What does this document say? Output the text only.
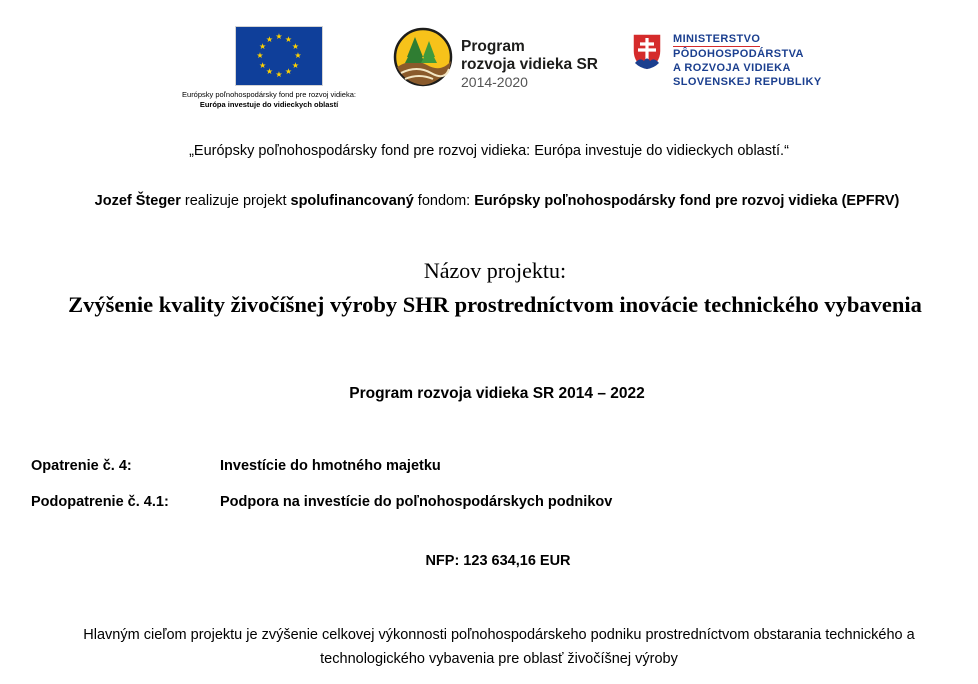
★ ★
★
★
★
★
★
★
★
★
★
★
Európsky poľnohospodársky fond pre rozvoj vidieka:
Európa investuje do vidieckych oblastí
Program
rozvoja vidieka SR
2014-2020
MINISTERSTVO
PÔDOHOSPODÁRSTVA
A ROZVOJA VIDIEKA
SLOVENSKEJ REPUBLIKY
„Európsky poľnohospodársky fond pre rozvoj vidieka: Európa investuje do vidieckych oblastí.“
Jozef Šteger realizuje projekt spolufinancovaný fondom: Európsky poľnohospodársky fond pre rozvoj vidieka (EPFRV)
Názov projektu:
Zvýšenie kvality živočíšnej výroby SHR prostredníctvom inovácie technického vybavenia
Program rozvoja vidieka SR 2014 – 2022
Opatrenie č. 4:	Investície do hmotného majetku
Podopatrenie č. 4.1:	Podpora na investície do poľnohospodárskych podnikov
NFP: 123 634,16 EUR
Hlavným cieľom projektu je zvýšenie celkovej výkonnosti poľnohospodárskeho podniku prostredníctvom obstarania technického a technologického vybavenia pre oblasť živočíšnej výroby
